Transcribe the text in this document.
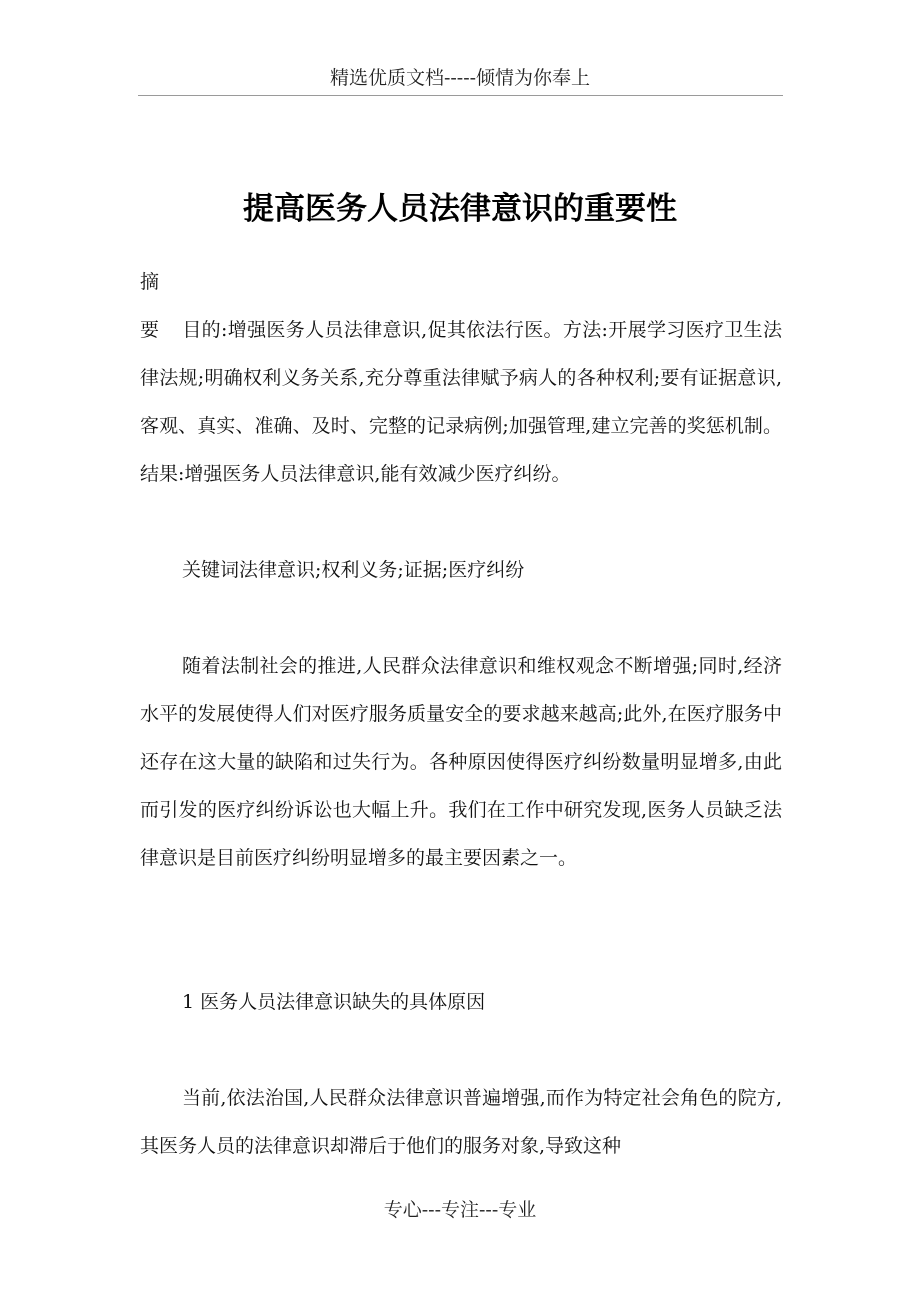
精选优质文档-----倾情为你奉上
提高医务人员法律意识的重要性

摘　要 目的:增强医务人员法律意识,促其依法行医。方法:开展学习医疗卫生法律法规;明确权利义务关系,充分尊重法律赋予病人的各种权利;要有证据意识,客观、真实、准确、及时、完整的记录病例;加强管理,建立完善的奖惩机制。结果:增强医务人员法律意识,能有效减少医疗纠纷。

关键词法律意识;权利义务;证据;医疗纠纷

随着法制社会的推进,人民群众法律意识和维权观念不断增强;同时,经济水平的发展使得人们对医疗服务质量安全的要求越来越高;此外,在医疗服务中还存在这大量的缺陷和过失行为。各种原因使得医疗纠纷数量明显增多,由此而引发的医疗纠纷诉讼也大幅上升。我们在工作中研究发现,医务人员缺乏法律意识是目前医疗纠纷明显增多的最主要因素之一。

1 医务人员法律意识缺失的具体原因

当前,依法治国,人民群众法律意识普遍增强,而作为特定社会角色的院方,其医务人员的法律意识却滞后于他们的服务对象,导致这种

专心---专注---专业
